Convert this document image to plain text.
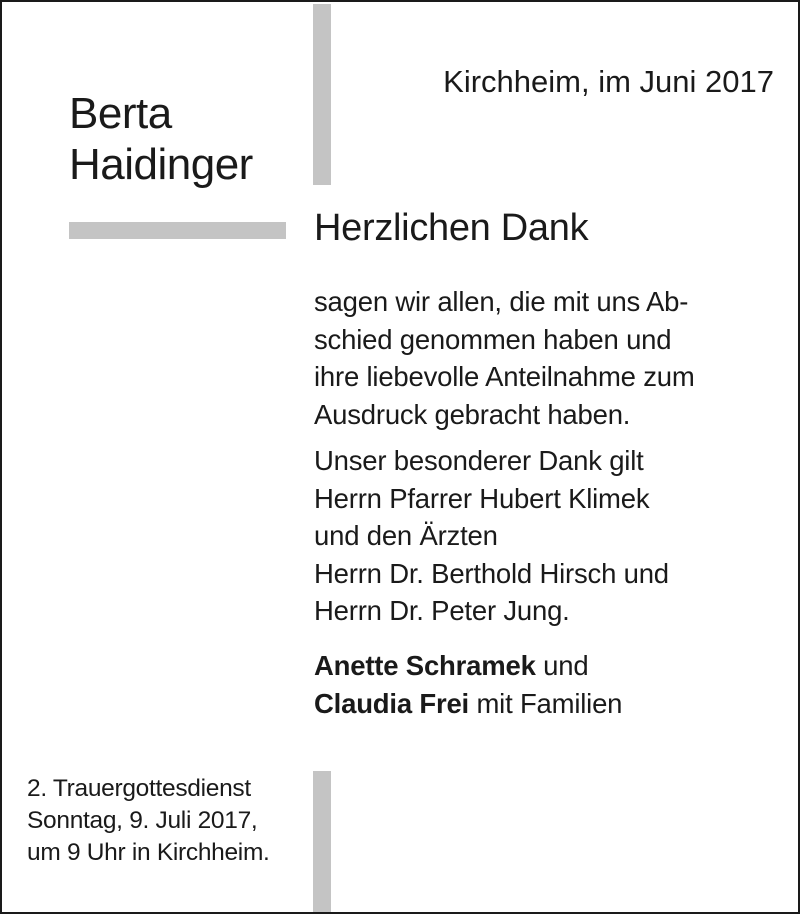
Kirchheim, im Juni 2017
Berta
Haidinger
Herzlichen Dank
sagen wir allen, die mit uns Ab-
schied genommen haben und
ihre liebevolle Anteilnahme zum
Ausdruck gebracht haben.
Unser besonderer Dank gilt
Herrn Pfarrer Hubert Klimek
und den Ärzten
Herrn Dr. Berthold Hirsch und
Herrn Dr. Peter Jung.
Anette Schramek und
Claudia Frei mit Familien
2. Trauergottesdienst
Sonntag, 9. Juli 2017,
um 9 Uhr in Kirchheim.
